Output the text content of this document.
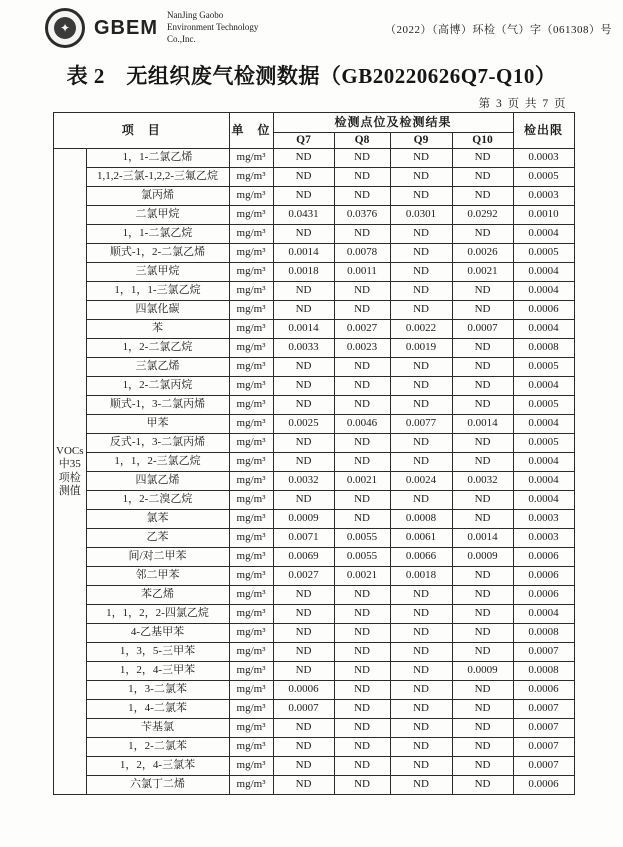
✦ GBEM
NanJing Gaobo
Environment Technology
Co.,Inc.
（2022）（高博）环检（气）字（061308）号
表 2　无组织废气检测数据（GB20220626Q7-Q10）
第 3 页 共 7 页
项　目		单　位	检测点位及检测结果				检出限
			Q7	Q8	Q9	Q10	

VOCs
中35
项检
测值	1，1-二氯乙烯	mg/m³	ND	ND	ND	ND	0.0003
	1,1,2-三氯-1,2,2-三氟乙烷	mg/m³	ND	ND	ND	ND	0.0005
	氯丙烯	mg/m³	ND	ND	ND	ND	0.0003
	二氯甲烷	mg/m³	0.0431	0.0376	0.0301	0.0292	0.0010
	1，1-二氯乙烷	mg/m³	ND	ND	ND	ND	0.0004
	顺式-1，2-二氯乙烯	mg/m³	0.0014	0.0078	ND	0.0026	0.0005
	三氯甲烷	mg/m³	0.0018	0.0011	ND	0.0021	0.0004
	1，1，1-三氯乙烷	mg/m³	ND	ND	ND	ND	0.0004
	四氯化碳	mg/m³	ND	ND	ND	ND	0.0006
	苯	mg/m³	0.0014	0.0027	0.0022	0.0007	0.0004
	1，2-二氯乙烷	mg/m³	0.0033	0.0023	0.0019	ND	0.0008
	三氯乙烯	mg/m³	ND	ND	ND	ND	0.0005
	1，2-二氯丙烷	mg/m³	ND	ND	ND	ND	0.0004
	顺式-1，3-二氯丙烯	mg/m³	ND	ND	ND	ND	0.0005
	甲苯	mg/m³	0.0025	0.0046	0.0077	0.0014	0.0004
	反式-1，3-二氯丙烯	mg/m³	ND	ND	ND	ND	0.0005
	1，1，2-三氯乙烷	mg/m³	ND	ND	ND	ND	0.0004
	四氯乙烯	mg/m³	0.0032	0.0021	0.0024	0.0032	0.0004
	1，2-二溴乙烷	mg/m³	ND	ND	ND	ND	0.0004
	氯苯	mg/m³	0.0009	ND	0.0008	ND	0.0003
	乙苯	mg/m³	0.0071	0.0055	0.0061	0.0014	0.0003
	间/对二甲苯	mg/m³	0.0069	0.0055	0.0066	0.0009	0.0006
	邻二甲苯	mg/m³	0.0027	0.0021	0.0018	ND	0.0006
	苯乙烯	mg/m³	ND	ND	ND	ND	0.0006
	1，1，2，2-四氯乙烷	mg/m³	ND	ND	ND	ND	0.0004
	4-乙基甲苯	mg/m³	ND	ND	ND	ND	0.0008
	1，3，5-三甲苯	mg/m³	ND	ND	ND	ND	0.0007
	1，2，4-三甲苯	mg/m³	ND	ND	ND	0.0009	0.0008
	1，3-二氯苯	mg/m³	0.0006	ND	ND	ND	0.0006
	1，4-二氯苯	mg/m³	0.0007	ND	ND	ND	0.0007
	苄基氯	mg/m³	ND	ND	ND	ND	0.0007
	1，2-二氯苯	mg/m³	ND	ND	ND	ND	0.0007
	1，2，4-三氯苯	mg/m³	ND	ND	ND	ND	0.0007
	六氯丁二烯	mg/m³	ND	ND	ND	ND	0.0006
